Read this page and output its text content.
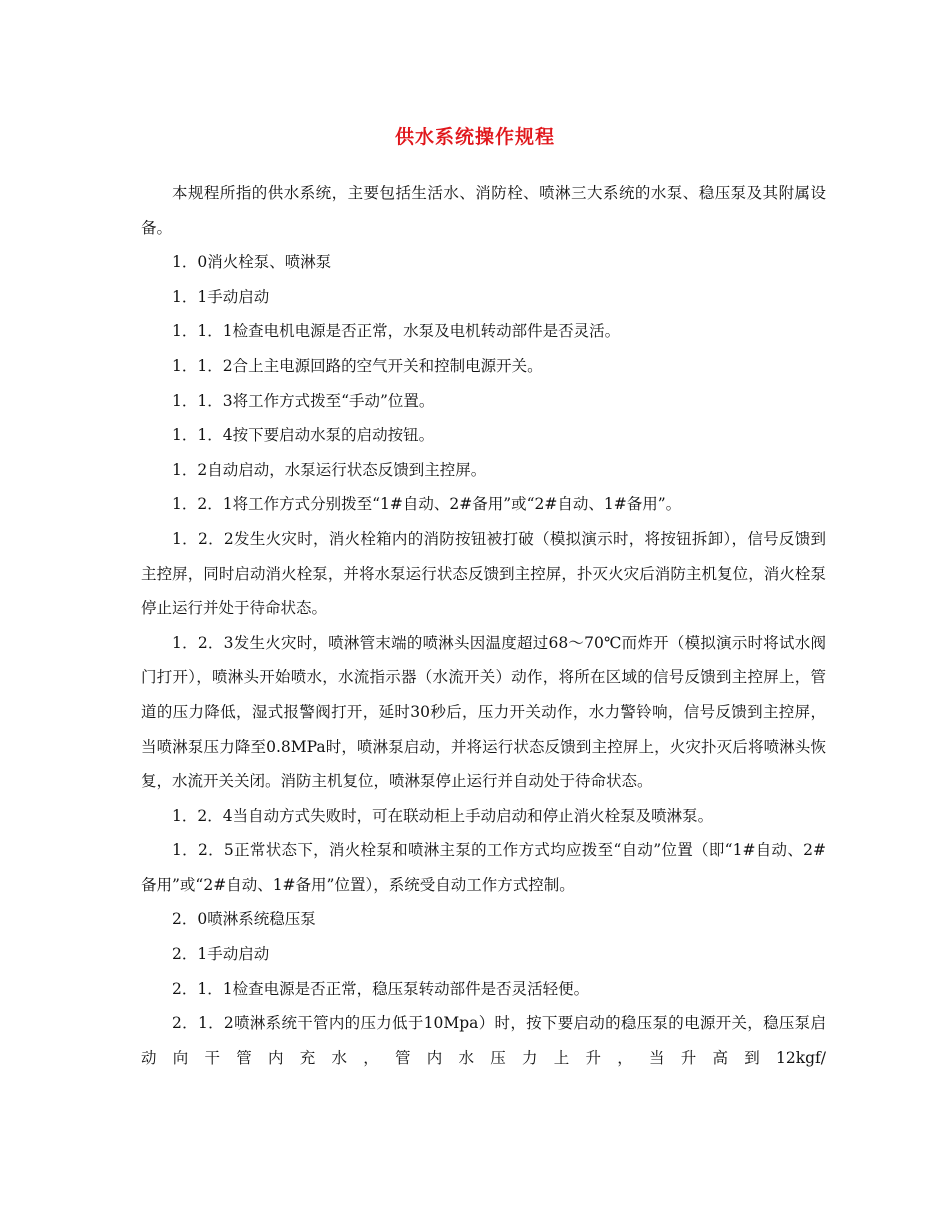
供水系统操作规程

本规程所指的供水系统，主要包括生活水、消防栓、喷淋三大系统的水泵、稳压泵及其附属设备。

1．0消火栓泵、喷淋泵

1．1手动启动

1．1．1检查电机电源是否正常，水泵及电机转动部件是否灵活。

1．1．2合上主电源回路的空气开关和控制电源开关。

1．1．3将工作方式拨至“手动”位置。

1．1．4按下要启动水泵的启动按钮。

1．2自动启动，水泵运行状态反馈到主控屏。

1．2．1将工作方式分别拨至“1#自动、2#备用”或“2#自动、1#备用”。

1．2．2发生火灾时，消火栓箱内的消防按钮被打破（模拟演示时，将按钮拆卸），信号反馈到主控屏，同时启动消火栓泵，并将水泵运行状态反馈到主控屏，扑灭火灾后消防主机复位，消火栓泵停止运行并处于待命状态。

1．2．3发生火灾时，喷淋管末端的喷淋头因温度超过68～70℃而炸开（模拟演示时将试水阀门打开），喷淋头开始喷水，水流指示器（水流开关）动作，将所在区域的信号反馈到主控屏上，管道的压力降低，湿式报警阀打开，延时30秒后，压力开关动作，水力警铃响，信号反馈到主控屏，当喷淋泵压力降至0.8MPa时，喷淋泵启动，并将运行状态反馈到主控屏上，火灾扑灭后将喷淋头恢复，水流开关关闭。消防主机复位，喷淋泵停止运行并自动处于待命状态。

1．2．4当自动方式失败时，可在联动柜上手动启动和停止消火栓泵及喷淋泵。

1．2．5正常状态下，消火栓泵和喷淋主泵的工作方式均应拨至“自动”位置（即“1#自动、2#备用”或“2#自动、1#备用”位置），系统受自动工作方式控制。

2．0喷淋系统稳压泵

2．1手动启动

2．1．1检查电源是否正常，稳压泵转动部件是否灵活轻便。

2．1．2喷淋系统干管内的压力低于10Mpa）时，按下要启动的稳压泵的电源开关，稳压泵启动向干管内充水，管内水压力上升，当升高到12kgf/
